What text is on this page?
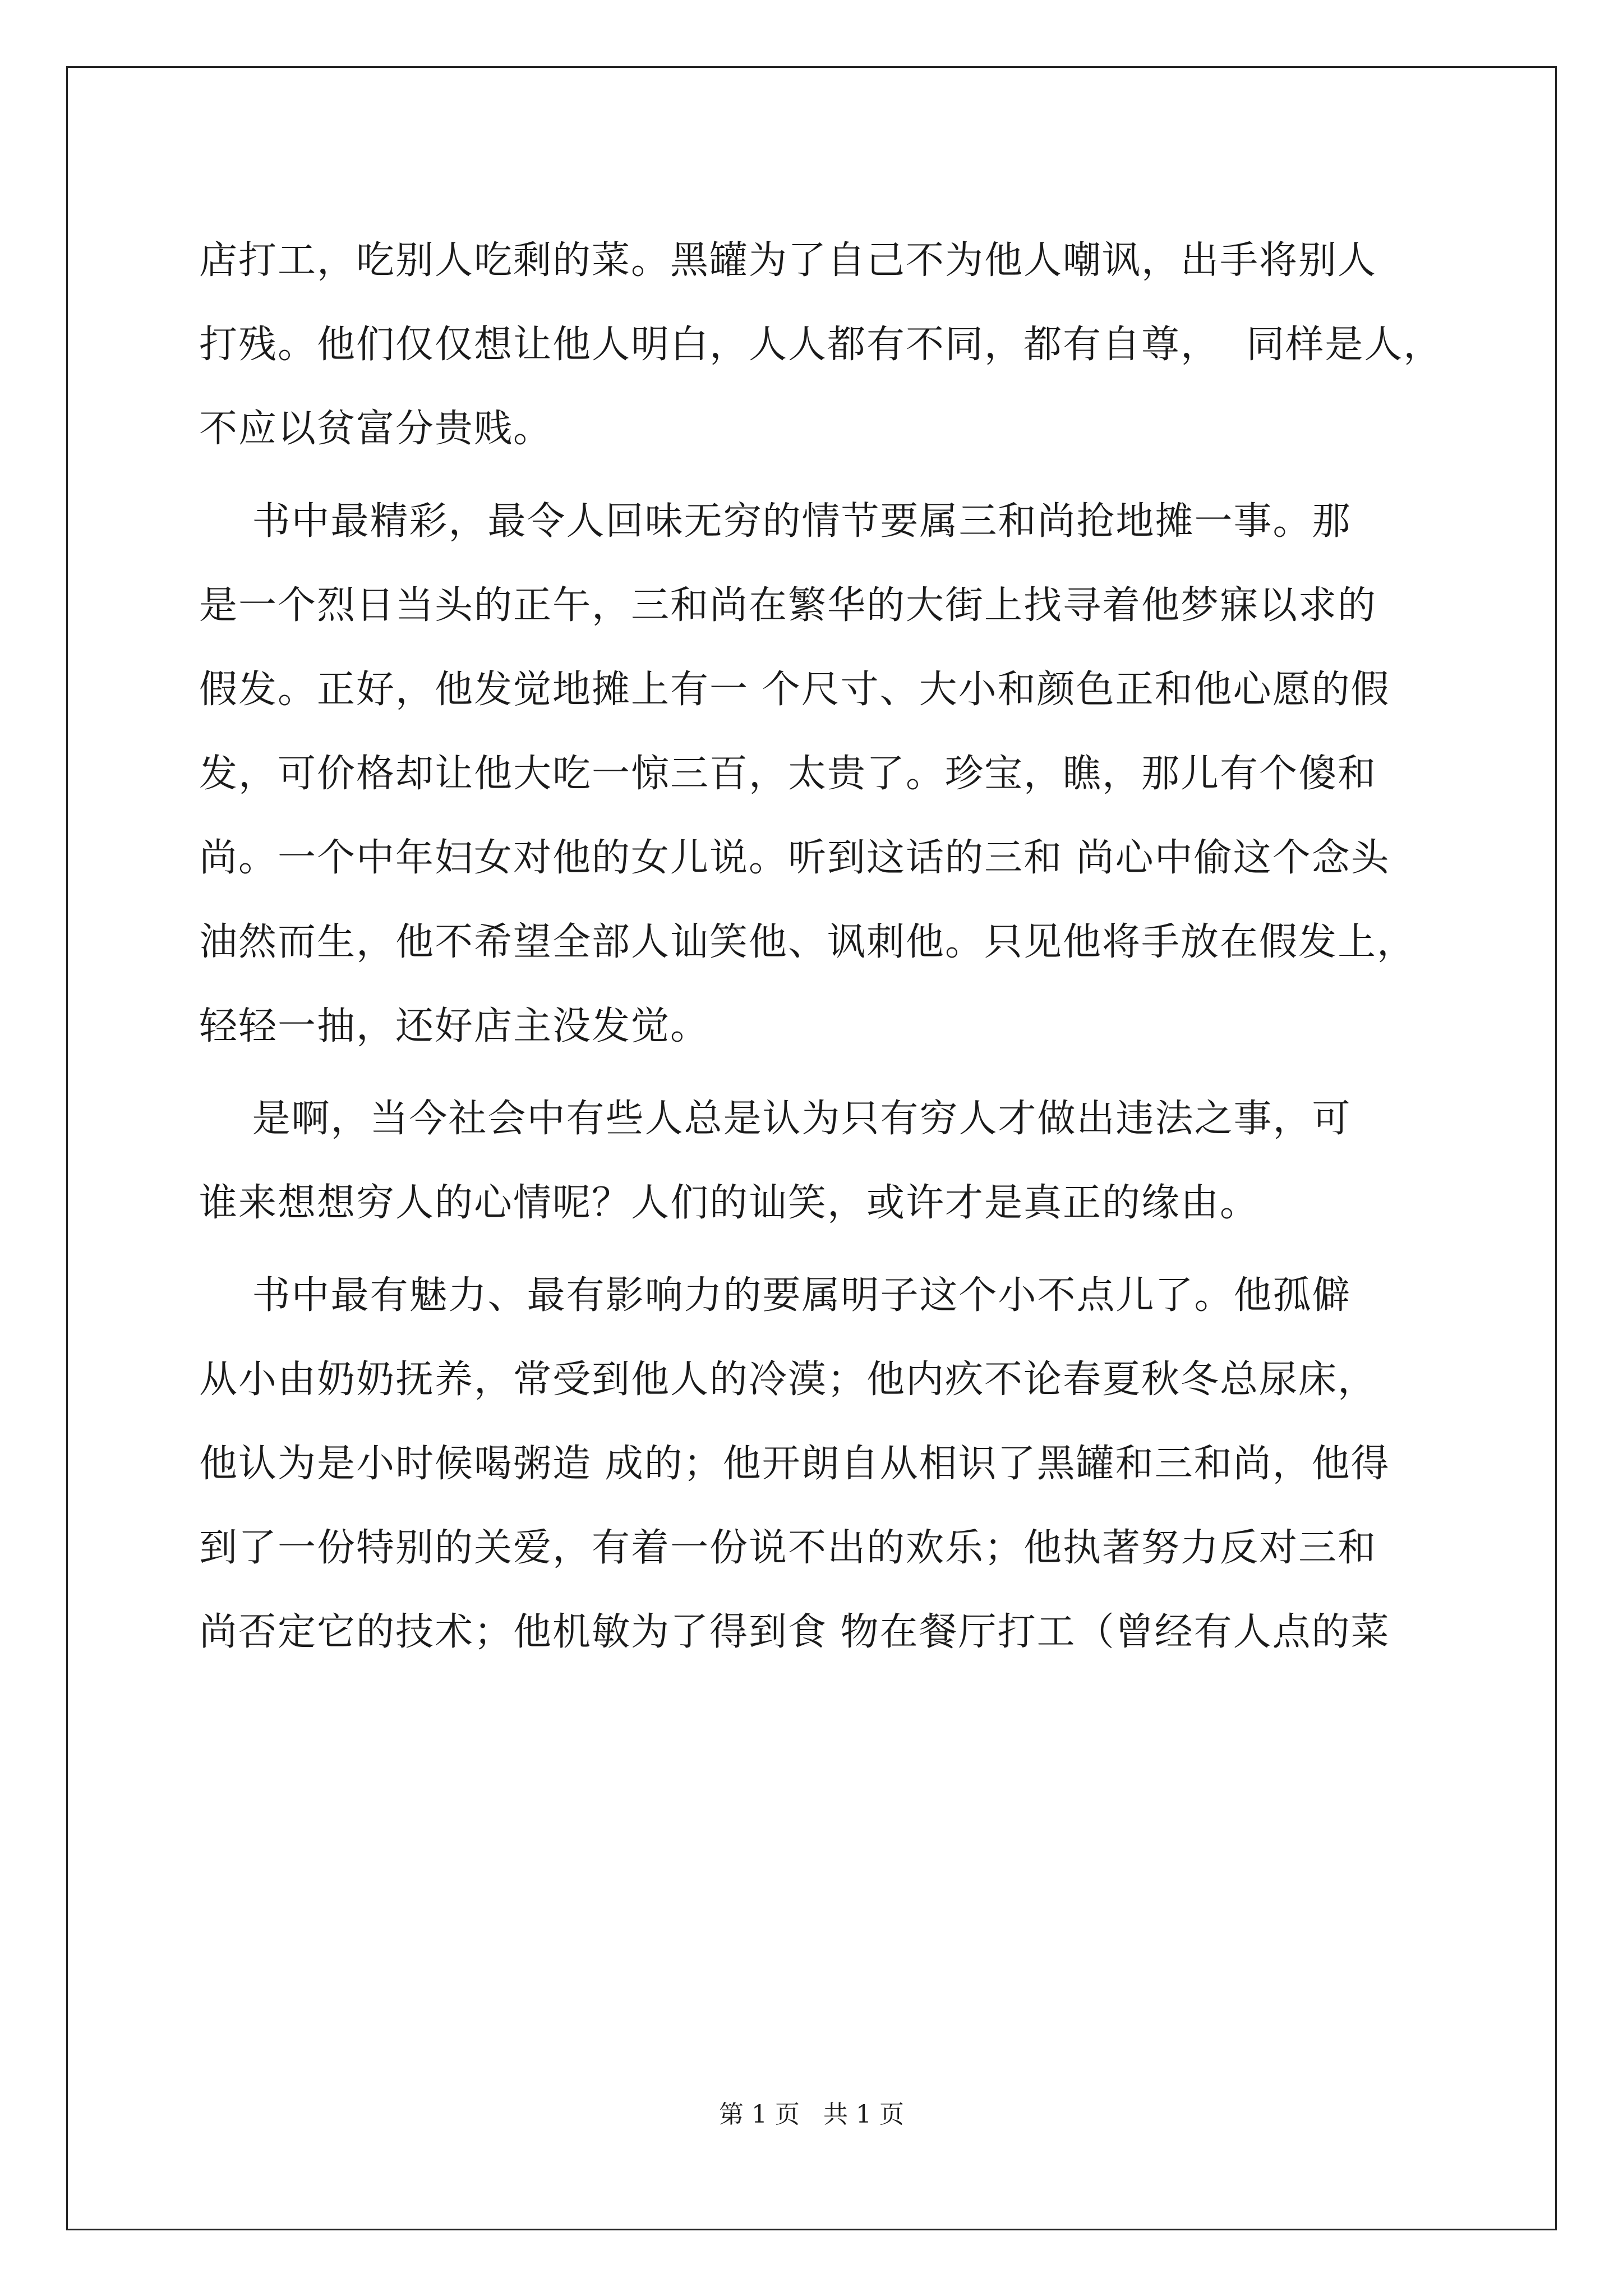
店打工，吃别人吃剩的菜。黑罐为了自己不为他人嘲讽，出手将别人
打残。他们仅仅想让他人明白，人人都有不同，都有自尊，  同样是人，
不应以贫富分贵贱。
书中最精彩，最令人回味无穷的情节要属三和尚抢地摊一事。那
是一个烈日当头的正午，三和尚在繁华的大街上找寻着他梦寐以求的
假发。正好，他发觉地摊上有一 个尺寸、大小和颜色正和他心愿的假
发，可价格却让他大吃一惊三百，太贵了。珍宝，瞧，那儿有个傻和
尚。一个中年妇女对他的女儿说。听到这话的三和 尚心中偷这个念头
油然而生，他不希望全部人讪笑他、讽刺他。只见他将手放在假发上，
轻轻一抽，还好店主没发觉。
是啊，当今社会中有些人总是认为只有穷人才做出违法之事，可
谁来想想穷人的心情呢？人们的讪笑，或许才是真正的缘由。
书中最有魅力、最有影响力的要属明子这个小不点儿了。他孤僻
从小由奶奶抚养，常受到他人的冷漠；他内疚不论春夏秋冬总尿床，
他认为是小时候喝粥造 成的；他开朗自从相识了黑罐和三和尚，他得
到了一份特别的关爱，有着一份说不出的欢乐；他执著努力反对三和
尚否定它的技术；他机敏为了得到食 物在餐厅打工（曾经有人点的菜
第 1 页   共 1 页
